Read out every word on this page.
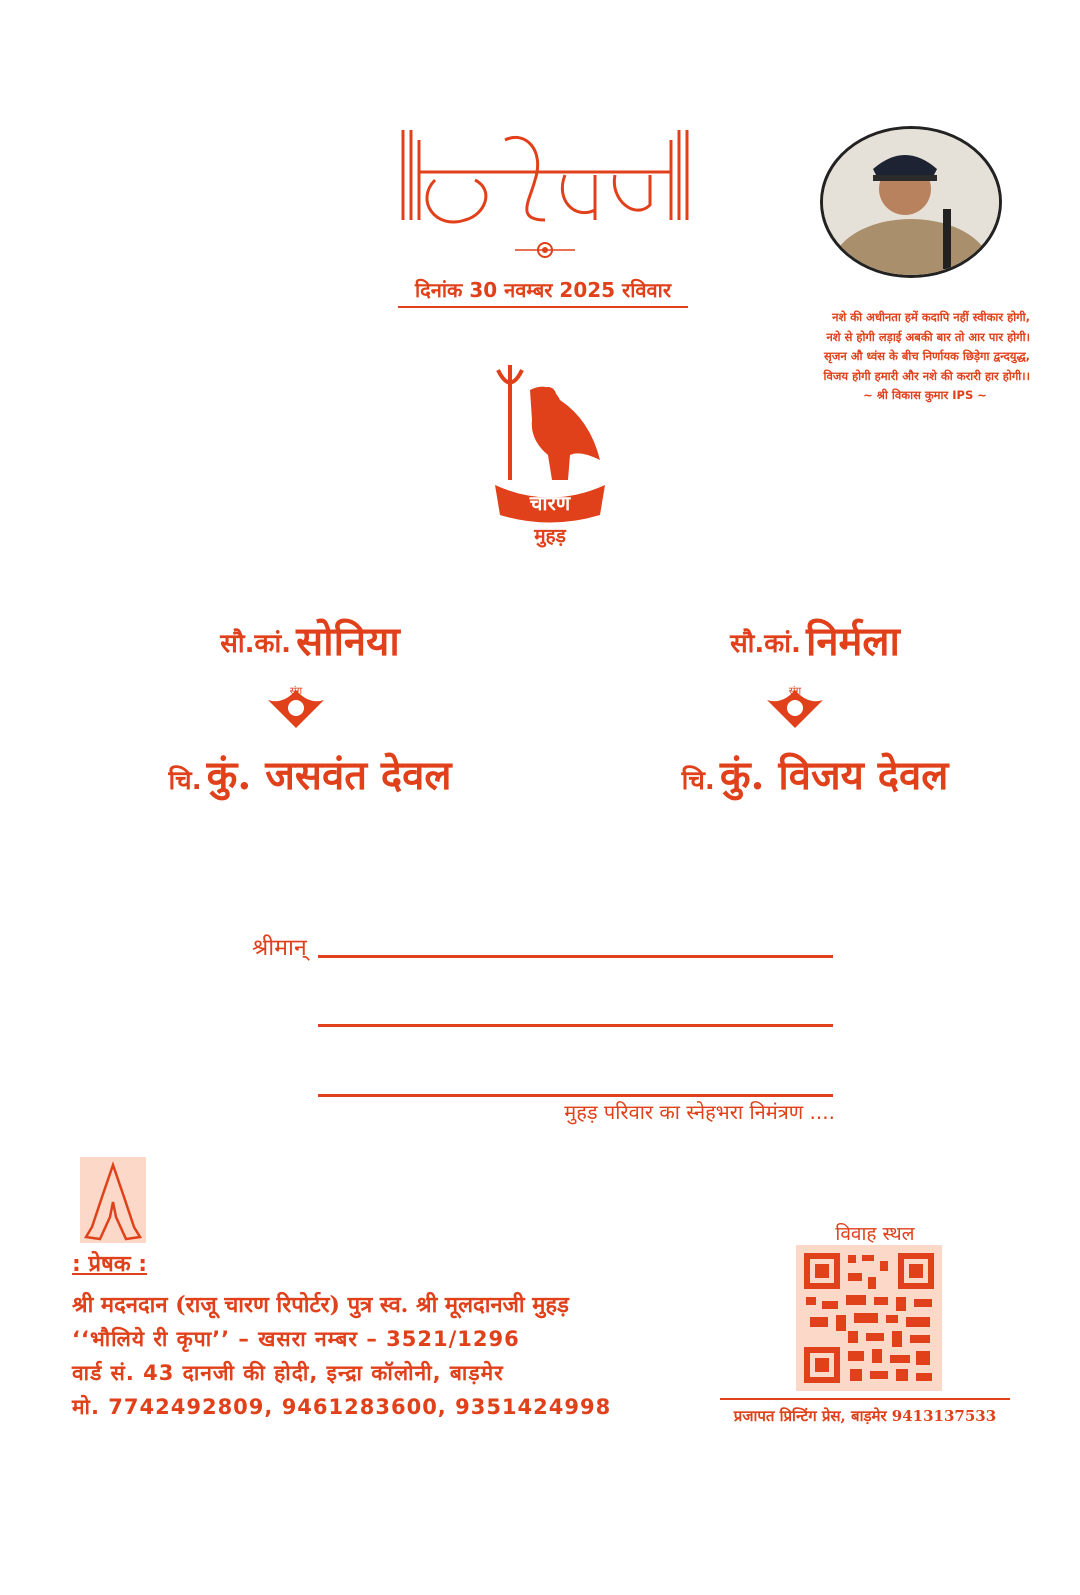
दिनांक 30 नवम्बर 2025 रविवार
नशे की अधीनता हमें कदापि नहीं स्वीकार होगी,
नशे से होगी लड़ाई अबकी बार तो आर पार होगी।
सृजन औ ध्वंस के बीच निर्णायक छिड़ेगा द्वन्दयुद्ध,
विजय होगी हमारी और नशे की करारी हार होगी।।
~ श्री विकास कुमार IPS ~
चारण
मुहड़
सौ.कां. सोनिया
संग
चि. कुं. जसवंत देवल
सौ.कां. निर्मला
संग
चि. कुं. विजय देवल
श्रीमान्
मुहड़ परिवार का स्नेहभरा निमंत्रण ....
: प्रेषक :
श्री मदनदान (राजू चारण रिपोर्टर) पुत्र स्व. श्री मूलदानजी मुहड़
‘‘भौलिये री कृपा’’ – खसरा नम्बर – 3521/1296
वार्ड सं. 43 दानजी की होदी, इन्द्रा कॉलोनी, बाड़मेर
मो. 7742492809, 9461283600, 9351424998
विवाह स्थल
प्रजापत प्रिन्टिंग प्रेस, बाड़मेर 9413137533
